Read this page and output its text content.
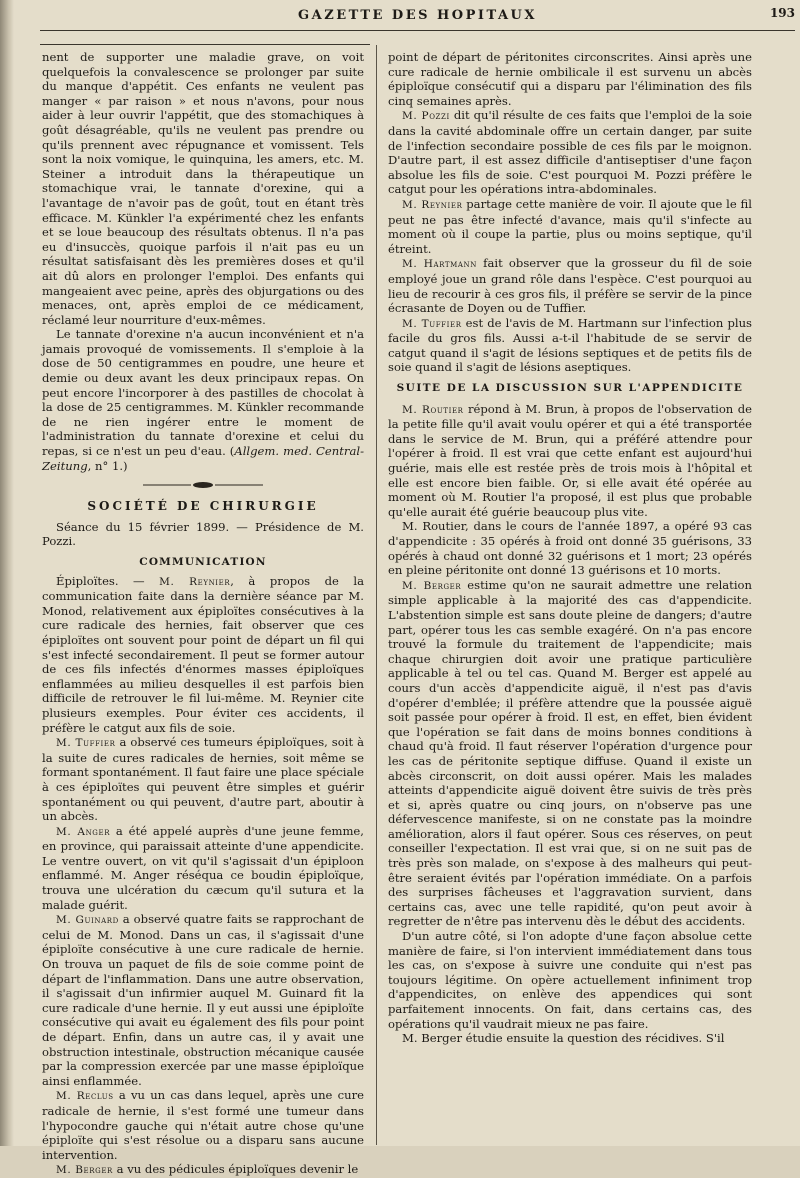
GAZETTE DES HOPITAUX	193

nent de supporter une maladie grave, on voit quelquefois la convalescence se prolonger par suite du manque d'appétit. Ces enfants ne veulent pas manger « par raison » et nous n'avons, pour nous aider à leur ouvrir l'appétit, que des stomachiques à goût désagréable, qu'ils ne veulent pas prendre ou qu'ils prennent avec répugnance et vomissent. Tels sont la noix vomique, le quinquina, les amers, etc. M. Steiner a introduit dans la thérapeutique un stomachique vrai, le tannate d'orexine, qui a l'avantage de n'avoir pas de goût, tout en étant très efficace. M. Künkler l'a expérimenté chez les enfants et se loue beaucoup des résultats obtenus. Il n'a pas eu d'insuccès, quoique parfois il n'ait pas eu un résultat satisfaisant dès les premières doses et qu'il ait dû alors en prolonger l'emploi. Des enfants qui mangeaient avec peine, après des objurgations ou des menaces, ont, après emploi de ce médicament, réclamé leur nourriture d'eux-mêmes.

Le tannate d'orexine n'a aucun inconvénient et n'a jamais provoqué de vomissements. Il s'emploie à la dose de 50 centigrammes en poudre, une heure et demie ou deux avant les deux principaux repas. On peut encore l'incorporer à des pastilles de chocolat à la dose de 25 centigrammes. M. Künkler recommande de ne rien ingérer entre le moment de l'administration du tannate d'orexine et celui du repas, si ce n'est un peu d'eau. (Allgem. med. Central-Zeitung, n° 1.)

SOCIÉTÉ DE CHIRURGIE

Séance du 15 février 1899. — Présidence de M. Pozzi.

COMMUNICATION

Épiploïtes. — M. Reynier, à propos de la communication faite dans la dernière séance par M. Monod, relativement aux épiploïtes consécutives à la cure radicale des hernies, fait observer que ces épiploïtes ont souvent pour point de départ un fil qui s'est infecté secondairement. Il peut se former autour de ces fils infectés d'énormes masses épiploïques enflammées au milieu desquelles il est parfois bien difficile de retrouver le fil lui-même. M. Reynier cite plusieurs exemples. Pour éviter ces accidents, il préfère le catgut aux fils de soie.

M. Tuffier a observé ces tumeurs épiploïques, soit à la suite de cures radicales de hernies, soit même se formant spontanément. Il faut faire une place spéciale à ces épiploïtes qui peuvent être simples et guérir spontanément ou qui peuvent, d'autre part, aboutir à un abcès.

M. Anger a été appelé auprès d'une jeune femme, en province, qui paraissait atteinte d'une appendicite. Le ventre ouvert, on vit qu'il s'agissait d'un épiploon enflammé. M. Anger réséqua ce boudin épiploïque, trouva une ulcération du cæcum qu'il sutura et la malade guérit.

M. Guinard a observé quatre faits se rapprochant de celui de M. Monod. Dans un cas, il s'agissait d'une épiploïte consécutive à une cure radicale de hernie. On trouva un paquet de fils de soie comme point de départ de l'inflammation. Dans une autre observation, il s'agissait d'un infirmier auquel M. Guinard fit la cure radicale d'une hernie. Il y eut aussi une épiploïte consécutive qui avait eu également des fils pour point de départ. Enfin, dans un autre cas, il y avait une obstruction intestinale, obstruction mécanique causée par la compression exercée par une masse épiploïque ainsi enflammée.

M. Reclus a vu un cas dans lequel, après une cure radicale de hernie, il s'est formé une tumeur dans l'hypocondre gauche qui n'était autre chose qu'une épiploïte qui s'est résolue ou a disparu sans aucune intervention.

M. Berger a vu des pédicules épiploïques devenir le

point de départ de péritonites circonscrites. Ainsi après une cure radicale de hernie ombilicale il est survenu un abcès épiploïque consécutif qui a disparu par l'élimination des fils cinq semaines après.

M. Pozzi dit qu'il résulte de ces faits que l'emploi de la soie dans la cavité abdominale offre un certain danger, par suite de l'infection secondaire possible de ces fils par le moignon. D'autre part, il est assez difficile d'antiseptiser d'une façon absolue les fils de soie. C'est pourquoi M. Pozzi préfère le catgut pour les opérations intra-abdominales.

M. Reynier partage cette manière de voir. Il ajoute que le fil peut ne pas être infecté d'avance, mais qu'il s'infecte au moment où il coupe la partie, plus ou moins septique, qu'il étreint.

M. Hartmann fait observer que la grosseur du fil de soie employé joue un grand rôle dans l'espèce. C'est pourquoi au lieu de recourir à ces gros fils, il préfère se servir de la pince écrasante de Doyen ou de Tuffier.

M. Tuffier est de l'avis de M. Hartmann sur l'infection plus facile du gros fils. Aussi a-t-il l'habitude de se servir de catgut quand il s'agit de lésions septiques et de petits fils de soie quand il s'agit de lésions aseptiques.

SUITE DE LA DISCUSSION SUR L'APPENDICITE

M. Routier répond à M. Brun, à propos de l'observation de la petite fille qu'il avait voulu opérer et qui a été transportée dans le service de M. Brun, qui a préféré attendre pour l'opérer à froid. Il est vrai que cette enfant est aujourd'hui guérie, mais elle est restée près de trois mois à l'hôpital et elle est encore bien faible. Or, si elle avait été opérée au moment où M. Routier l'a proposé, il est plus que probable qu'elle aurait été guérie beaucoup plus vite.

M. Routier, dans le cours de l'année 1897, a opéré 93 cas d'appendicite : 35 opérés à froid ont donné 35 guérisons, 33 opérés à chaud ont donné 32 guérisons et 1 mort; 23 opérés en pleine péritonite ont donné 13 guérisons et 10 morts.

M. Berger estime qu'on ne saurait admettre une relation simple applicable à la majorité des cas d'appendicite. L'abstention simple est sans doute pleine de dangers; d'autre part, opérer tous les cas semble exagéré. On n'a pas encore trouvé la formule du traitement de l'appendicite; mais chaque chirurgien doit avoir une pratique particulière applicable à tel ou tel cas. Quand M. Berger est appelé au cours d'un accès d'appendicite aiguë, il n'est pas d'avis d'opérer d'emblée; il préfère attendre que la poussée aiguë soit passée pour opérer à froid. Il est, en effet, bien évident que l'opération se fait dans de moins bonnes conditions à chaud qu'à froid. Il faut réserver l'opération d'urgence pour les cas de péritonite septique diffuse. Quand il existe un abcès circonscrit, on doit aussi opérer. Mais les malades atteints d'appendicite aiguë doivent être suivis de très près et si, après quatre ou cinq jours, on n'observe pas une défervescence manifeste, si on ne constate pas la moindre amélioration, alors il faut opérer. Sous ces réserves, on peut conseiller l'expectation. Il est vrai que, si on ne suit pas de très près son malade, on s'expose à des malheurs qui peut-être seraient évités par l'opération immédiate. On a parfois des surprises fâcheuses et l'aggravation survient, dans certains cas, avec une telle rapidité, qu'on peut avoir à regretter de n'être pas intervenu dès le début des accidents.

D'un autre côté, si l'on adopte d'une façon absolue cette manière de faire, si l'on intervient immédiatement dans tous les cas, on s'expose à suivre une conduite qui n'est pas toujours légitime. On opère actuellement infiniment trop d'appendicites, on enlève des appendices qui sont parfaitement innocents. On fait, dans certains cas, des opérations qu'il vaudrait mieux ne pas faire.

M. Berger étudie ensuite la question des récidives. S'il
